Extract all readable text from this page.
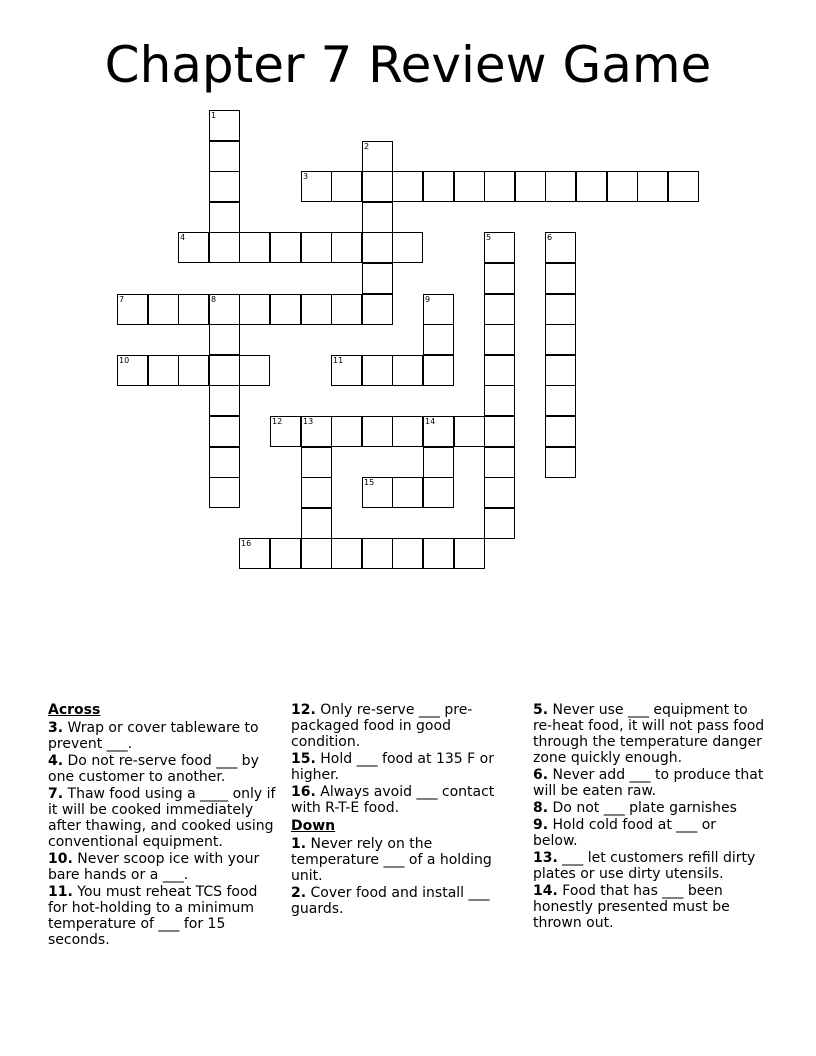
Chapter 7 Review Game
1
2
3
4	5	6
7	8	9
10	11
12	13	14
15
16
Across
3 . Wrap or cover tableware to prevent ___.
4 . Do not re-serve food ___ by one customer to another.
7 . Thaw food using a ____ only if it will be cooked immediately after thawing, and cooked using conventional equipment.
10 . Never scoop ice with your bare hands or a ___.
11 . You must reheat TCS food for hot-holding to a minimum temperature of ___ for 15 seconds.
12 . Only re-serve ___ pre-packaged food in good condition.
15 . Hold ___ food at 135 F or higher.
16 . Always avoid ___ contact with R-T-E food.
Down
1 . Never rely on the temperature ___ of a holding unit.
2 . Cover food and install ___ guards.
5 . Never use ___ equipment to re-heat food, it will not pass food through the temperature danger zone quickly enough.
6 . Never add ___ to produce that will be eaten raw.
8 . Do not ___ plate garnishes
9 . Hold cold food at ___ or below.
13 . ___ let customers refill dirty plates or use dirty utensils.
14 . Food that has ___ been honestly presented must be thrown out.
